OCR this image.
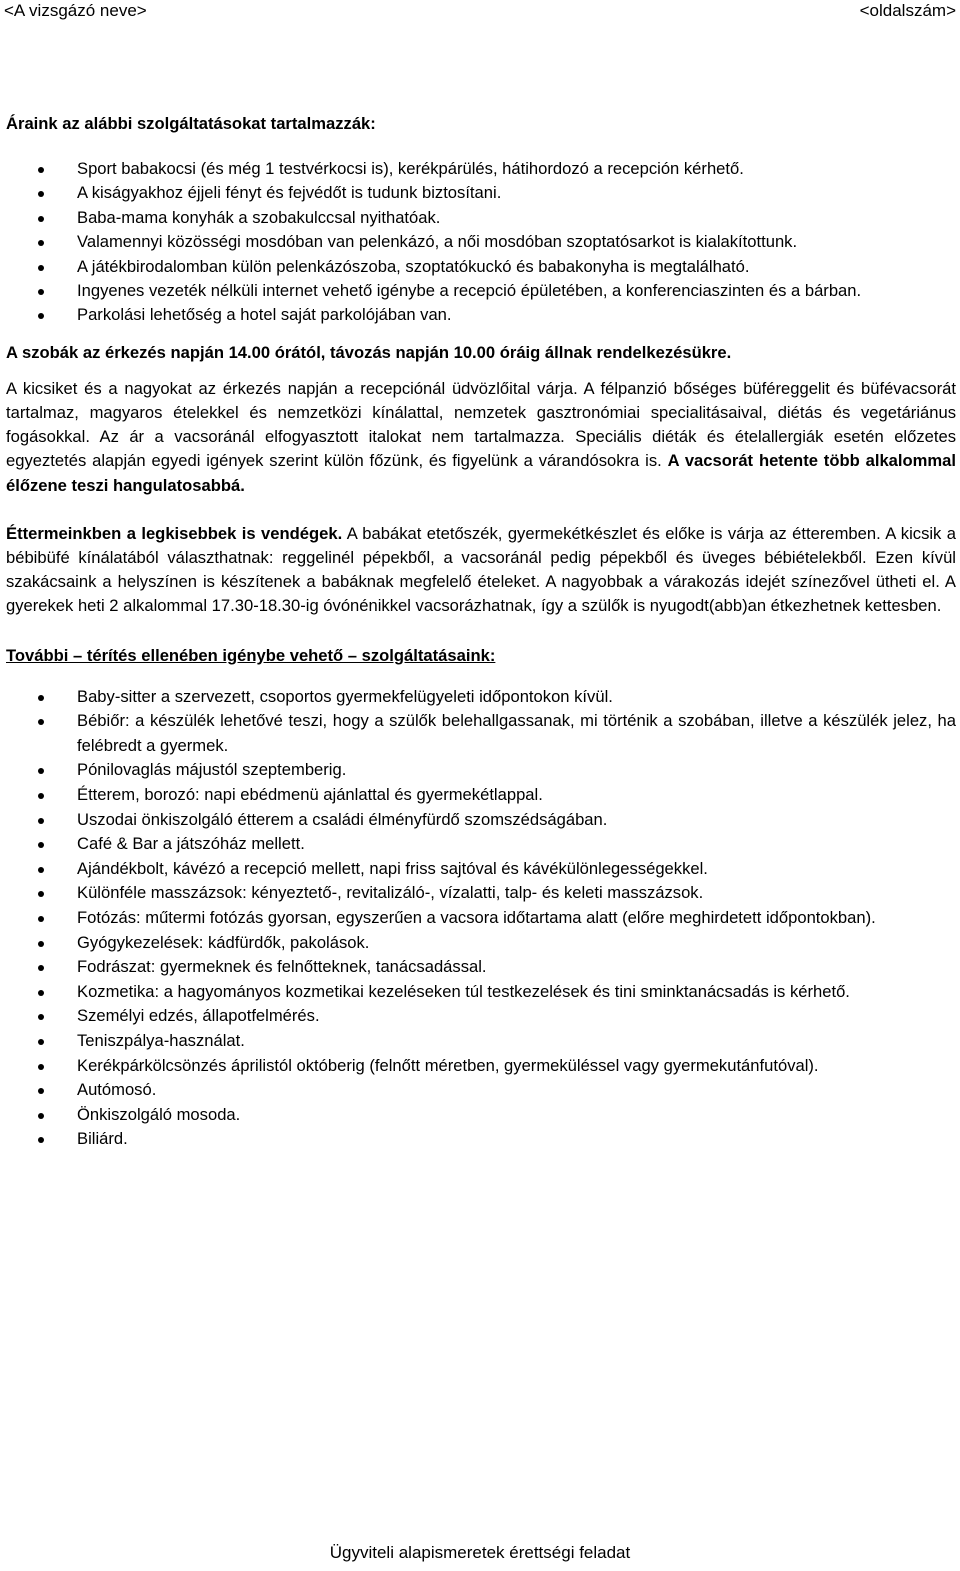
<A vizsgázó neve>	<oldalszám>

Áraink az alábbi szolgáltatásokat tartalmazzák:

Sport babakocsi (és még 1 testvérkocsi is), kerékpárülés, hátihordozó a recepción kérhető.
A kiságyakhoz éjjeli fényt és fejvédőt is tudunk biztosítani.
Baba-mama konyhák a szobakulccsal nyithatóak.
Valamennyi közösségi mosdóban van pelenkázó, a női mosdóban szoptatósarkot is kialakítottunk.
A játékbirodalomban külön pelenkázószoba, szoptatókuckó és babakonyha is megtalálható.
Ingyenes vezeték nélküli internet vehető igénybe a recepció épületében, a konferenciaszinten és a bárban.
Parkolási lehetőség a hotel saját parkolójában van.

A szobák az érkezés napján 14.00 órától, távozás napján 10.00 óráig állnak rendelkezésükre.

A kicsiket és a nagyokat az érkezés napján a recepciónál üdvözlőital várja. A félpanzió bőséges büféreggelit és büfévacsorát tartalmaz, magyaros ételekkel és nemzetközi kínálattal, nemzetek gasztronómiai specialitásaival, diétás és vegetáriánus fogásokkal. Az ár a vacsoránál elfogyasztott italokat nem tartalmazza. Speciális diéták és ételallergiák esetén előzetes egyeztetés alapján egyedi igények szerint külön főzünk, és figyelünk a várandósokra is. A vacsorát hetente több alkalommal élőzene teszi hangulatosabbá.

Éttermeinkben a legkisebbek is vendégek. A babákat etetőszék, gyermekétkészlet és előke is várja az étteremben. A kicsik a bébibüfé kínálatából választhatnak: reggelinél pépekből, a vacsoránál pedig pépekből és üveges bébiételekből. Ezen kívül szakácsaink a helyszínen is készítenek a babáknak megfelelő ételeket. A nagyobbak a várakozás idejét színezővel ütheti el. A gyerekek heti 2 alkalommal 17.30-18.30-ig óvónénikkel vacsorázhatnak, így a szülők is nyugodt(abb)an étkezhetnek kettesben.

További – térítés ellenében igénybe vehető – szolgáltatásaink:

Baby-sitter a szervezett, csoportos gyermekfelügyeleti időpontokon kívül.
Bébiőr: a készülék lehetővé teszi, hogy a szülők belehallgassanak, mi történik a szobában, illetve a készülék jelez, ha felébredt a gyermek.
Pónilovaglás májustól szeptemberig.
Étterem, borozó: napi ebédmenü ajánlattal és gyermekétlappal.
Uszodai önkiszolgáló étterem a családi élményfürdő szomszédságában.
Café & Bar a játszóház mellett.
Ajándékbolt, kávézó a recepció mellett, napi friss sajtóval és kávékülönlegességekkel.
Különféle masszázsok: kényeztető-, revitalizáló-, vízalatti, talp- és keleti masszázsok.
Fotózás: műtermi fotózás gyorsan, egyszerűen a vacsora időtartama alatt (előre meghirdetett időpontokban).
Gyógykezelések: kádfürdők, pakolások.
Fodrászat: gyermeknek és felnőtteknek, tanácsadással.
Kozmetika: a hagyományos kozmetikai kezeléseken túl testkezelések és tini sminktanácsadás is kérhető.
Személyi edzés, állapotfelmérés.
Teniszpálya-használat.
Kerékpárkölcsönzés áprilistól októberig (felnőtt méretben, gyermeküléssel vagy gyermekutánfutóval).
Autómosó.
Önkiszolgáló mosoda.
Biliárd.
Ügyviteli alapismeretek érettségi feladat
